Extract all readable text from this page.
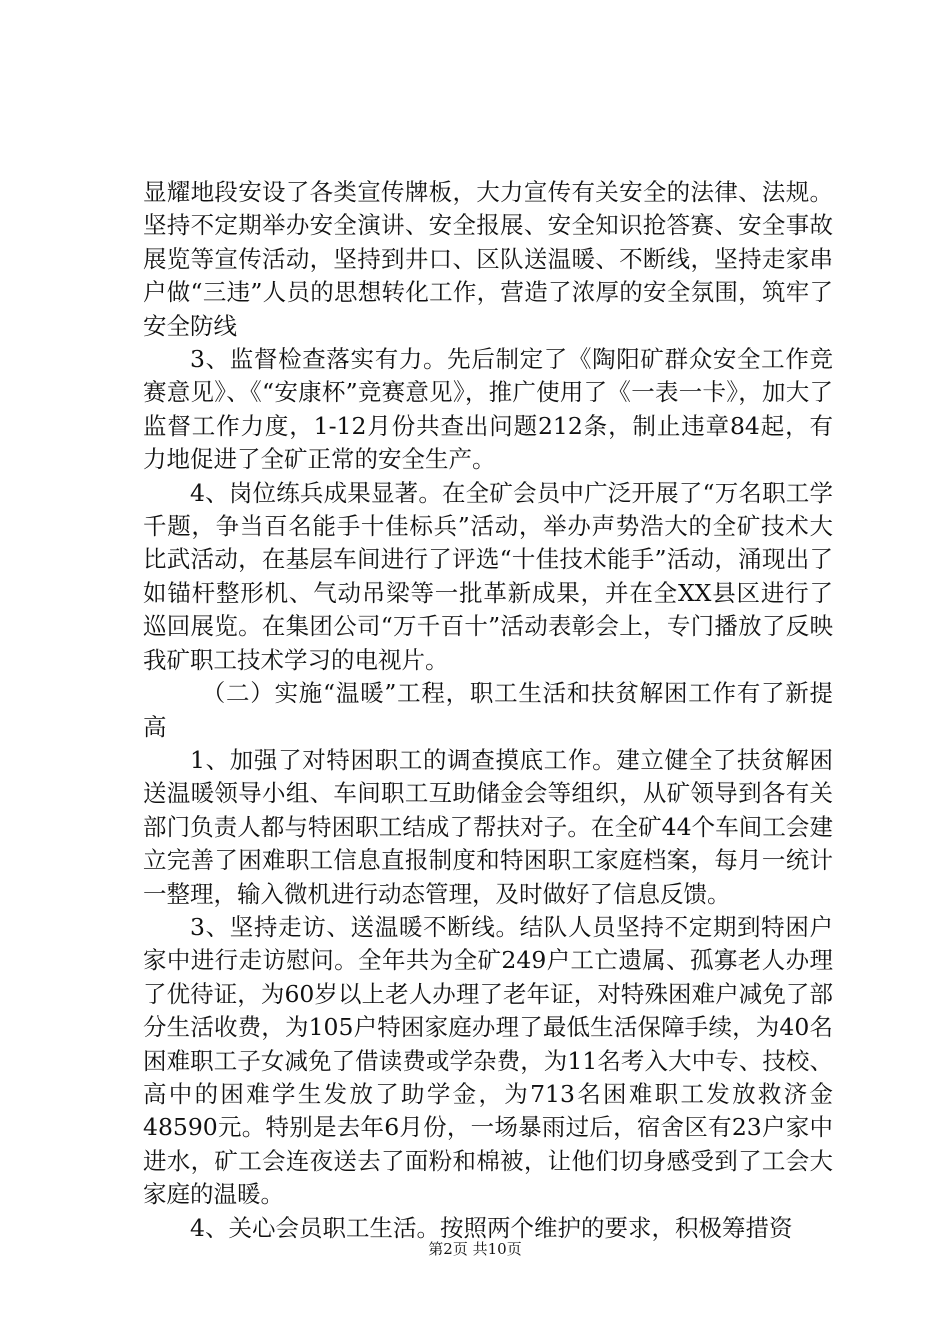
显耀地段安设了各类宣传牌板，大力宣传有关安全的法律、法规。坚持不定期举办安全演讲、安全报展、安全知识抢答赛、安全事故展览等宣传活动，坚持到井口、区队送温暖、不断线，坚持走家串户做“三违”人员的思想转化工作，营造了浓厚的安全氛围，筑牢了安全防线

3、监督检查落实有力。先后制定了《陶阳矿群众安全工作竞赛意见》、《“安康杯”竞赛意见》，推广使用了《一表一卡》，加大了监督工作力度，1-12月份共查出问题212条，制止违章84起，有力地促进了全矿正常的安全生产。

4、岗位练兵成果显著。在全矿会员中广泛开展了“万名职工学千题，争当百名能手十佳标兵”活动，举办声势浩大的全矿技术大比武活动，在基层车间进行了评选“十佳技术能手”活动，涌现出了如锚杆整形机、气动吊梁等一批革新成果，并在全XX县区进行了巡回展览。在集团公司“万千百十”活动表彰会上，专门播放了反映我矿职工技术学习的电视片。

（二）实施“温暖”工程，职工生活和扶贫解困工作有了新提高

1、加强了对特困职工的调查摸底工作。建立健全了扶贫解困送温暖领导小组、车间职工互助储金会等组织，从矿领导到各有关部门负责人都与特困职工结成了帮扶对子。在全矿44个车间工会建立完善了困难职工信息直报制度和特困职工家庭档案，每月一统计一整理，输入微机进行动态管理，及时做好了信息反馈。

3、坚持走访、送温暖不断线。结队人员坚持不定期到特困户家中进行走访慰问。全年共为全矿249户工亡遗属、孤寡老人办理了优待证，为60岁以上老人办理了老年证，对特殊困难户减免了部分生活收费，为105户特困家庭办理了最低生活保障手续，为40名困难职工子女减免了借读费或学杂费，为11名考入大中专、技校、高中的困难学生发放了助学金，为713名困难职工发放救济金48590元。特别是去年6月份，一场暴雨过后，宿舍区有23户家中进水，矿工会连夜送去了面粉和棉被，让他们切身感受到了工会大家庭的温暖。

4、关心会员职工生活。按照两个维护的要求，积极筹措资

第2页 共10页
